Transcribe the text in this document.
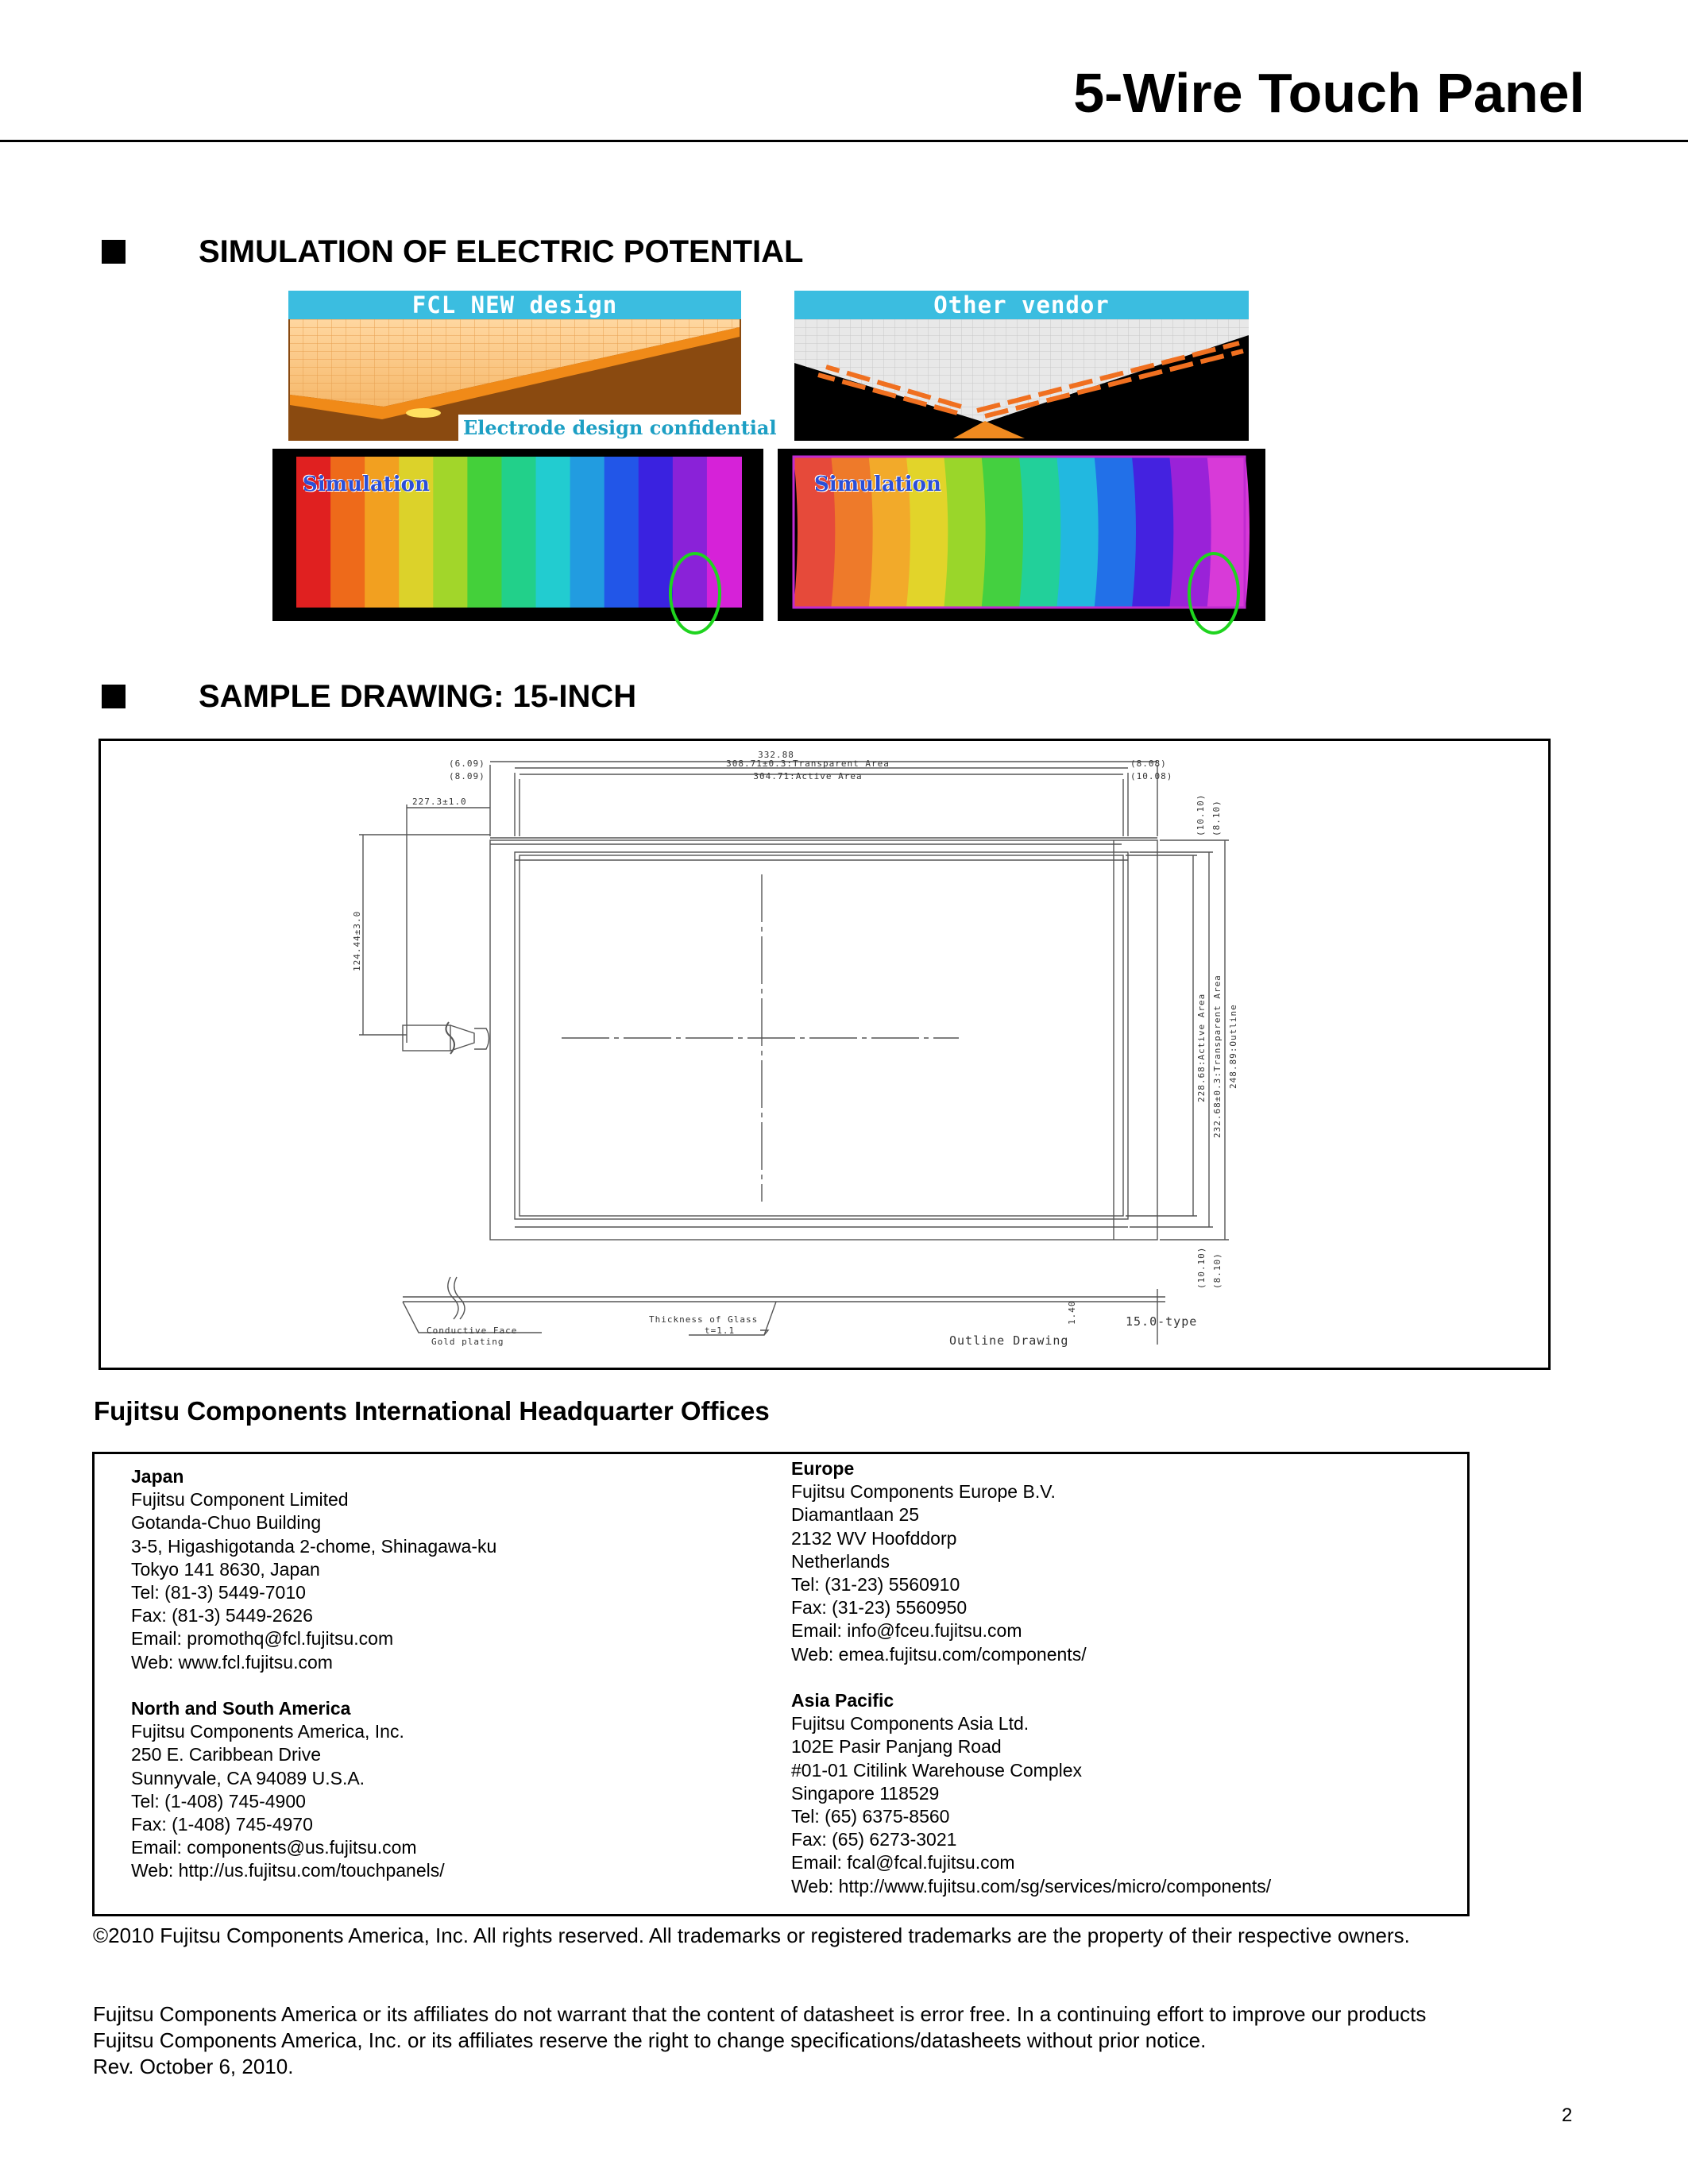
5-Wire Touch Panel
SIMULATION OF ELECTRIC POTENTIAL
FCL NEW design
Electrode design confidential
Other vendor
Simulation	Simulation
SAMPLE DRAWING: 15-INCH
332.88
308.71±0.3:Transparent Area
304.71:Active Area
(6.09)
(8.09)
(8.08)
(10.08)
227.3±1.0
124.44±3.0
(10.10) (8.10)
228.68:Active Area 232.68±0.3:Transparent Area 248.89:Outline
(10.10) (8.10)
1.40
Conductive Face
Gold plating
Thickness of Glass
t=1.1
Outline Drawing
15.0-type
Fujitsu Components International Headquarter Offices
Japan
Fujitsu Component Limited
Gotanda-Chuo Building
3-5, Higashigotanda 2-chome, Shinagawa-ku
Tokyo 141 8630, Japan
Tel: (81-3) 5449-7010
Fax: (81-3) 5449-2626
Email: promothq@fcl.fujitsu.com
Web: www.fcl.fujitsu.com
North and South America
Fujitsu Components America, Inc.
250 E. Caribbean Drive
Sunnyvale, CA 94089 U.S.A.
Tel: (1-408) 745-4900
Fax: (1-408) 745-4970
Email: components@us.fujitsu.com
Web: http://us.fujitsu.com/touchpanels/
Europe
Fujitsu Components Europe B.V.
Diamantlaan 25
2132 WV Hoofddorp
Netherlands
Tel: (31-23) 5560910
Fax: (31-23) 5560950
Email: info@fceu.fujitsu.com
Web: emea.fujitsu.com/components/
Asia Pacific
Fujitsu Components Asia Ltd.
102E Pasir Panjang Road
#01-01 Citilink Warehouse Complex
Singapore 118529
Tel: (65) 6375-8560
Fax: (65) 6273-3021
Email: fcal@fcal.fujitsu.com
Web: http://www.fujitsu.com/sg/services/micro/components/
©2010 Fujitsu Components America, Inc. All rights reserved. All trademarks or registered trademarks are the property of their respective owners.
Fujitsu Components America or its affiliates do not warrant that the content of datasheet is error free. In a continuing effort to improve our products Fujitsu Components America, Inc. or its affiliates reserve the right to change specifications/datasheets without prior notice.
Rev. October 6, 2010.
2
